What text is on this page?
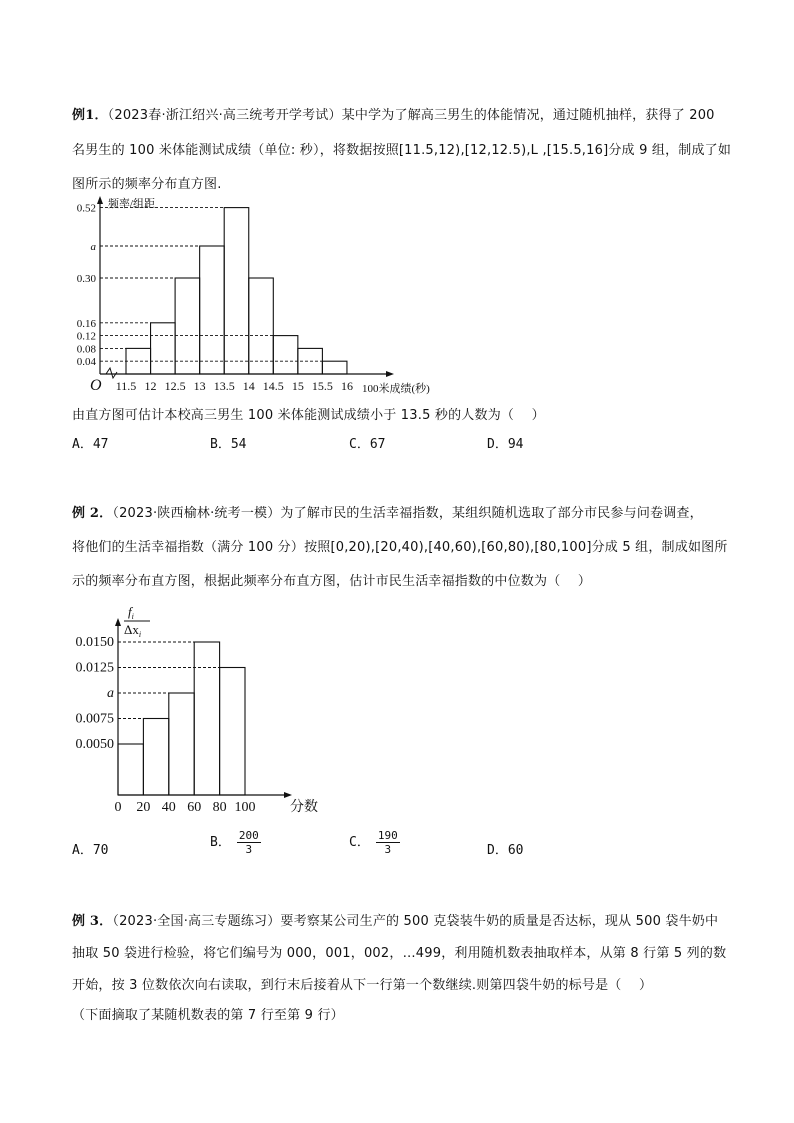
例1．（2023春·浙江绍兴·高三统考开学考试）某中学为了解高三男生的体能情况，通过随机抽样，获得了 200
名男生的 100 米体能测试成绩（单位: 秒），将数据按照[11.5,12),[12,12.5),L ,[15.5,16]分成 9 组，制成了如
图所示的频率分布直方图.
0.52
a
0.30
0.16
0.12
0.08
0.04
11.5 12 12.5 13 13.5 14 14.5 15 15.5 16
O
频率/组距
100米成绩(秒)
由直方图可估计本校高三男生 100 米体能测试成绩小于 13.5 秒的人数为（　 ）
A．47	B．54	C．67	D．94
例 2．（2023·陕西榆林·统考一模）为了解市民的生活幸福指数，某组织随机选取了部分市民参与问卷调查，
将他们的生活幸福指数（满分 100 分）按照[0,20),[20,40),[40,60),[60,80),[80,100]分成 5 组，制成如图所
示的频率分布直方图，根据此频率分布直方图，估计市民生活幸福指数的中位数为（　 ）
0.0150
0.0125
a
0.0075
0.0050
0 20 40 60 80 100 分数
$f_i$
$\Delta x_i$
A．70
B． $\frac{200}{3}$	C． $\frac{190}{3}$	D．60
例 3．（2023·全国·高三专题练习）要考察某公司生产的 500 克袋装牛奶的质量是否达标，现从 500 袋牛奶中
抽取 50 袋进行检验，将它们编号为 000，001，002，…499，利用随机数表抽取样本，从第 8 行第 5 列的数
开始，按 3 位数依次向右读取，到行末后接着从下一行第一个数继续.则第四袋牛奶的标号是（　 ）
（下面摘取了某随机数表的第 7 行至第 9 行）
